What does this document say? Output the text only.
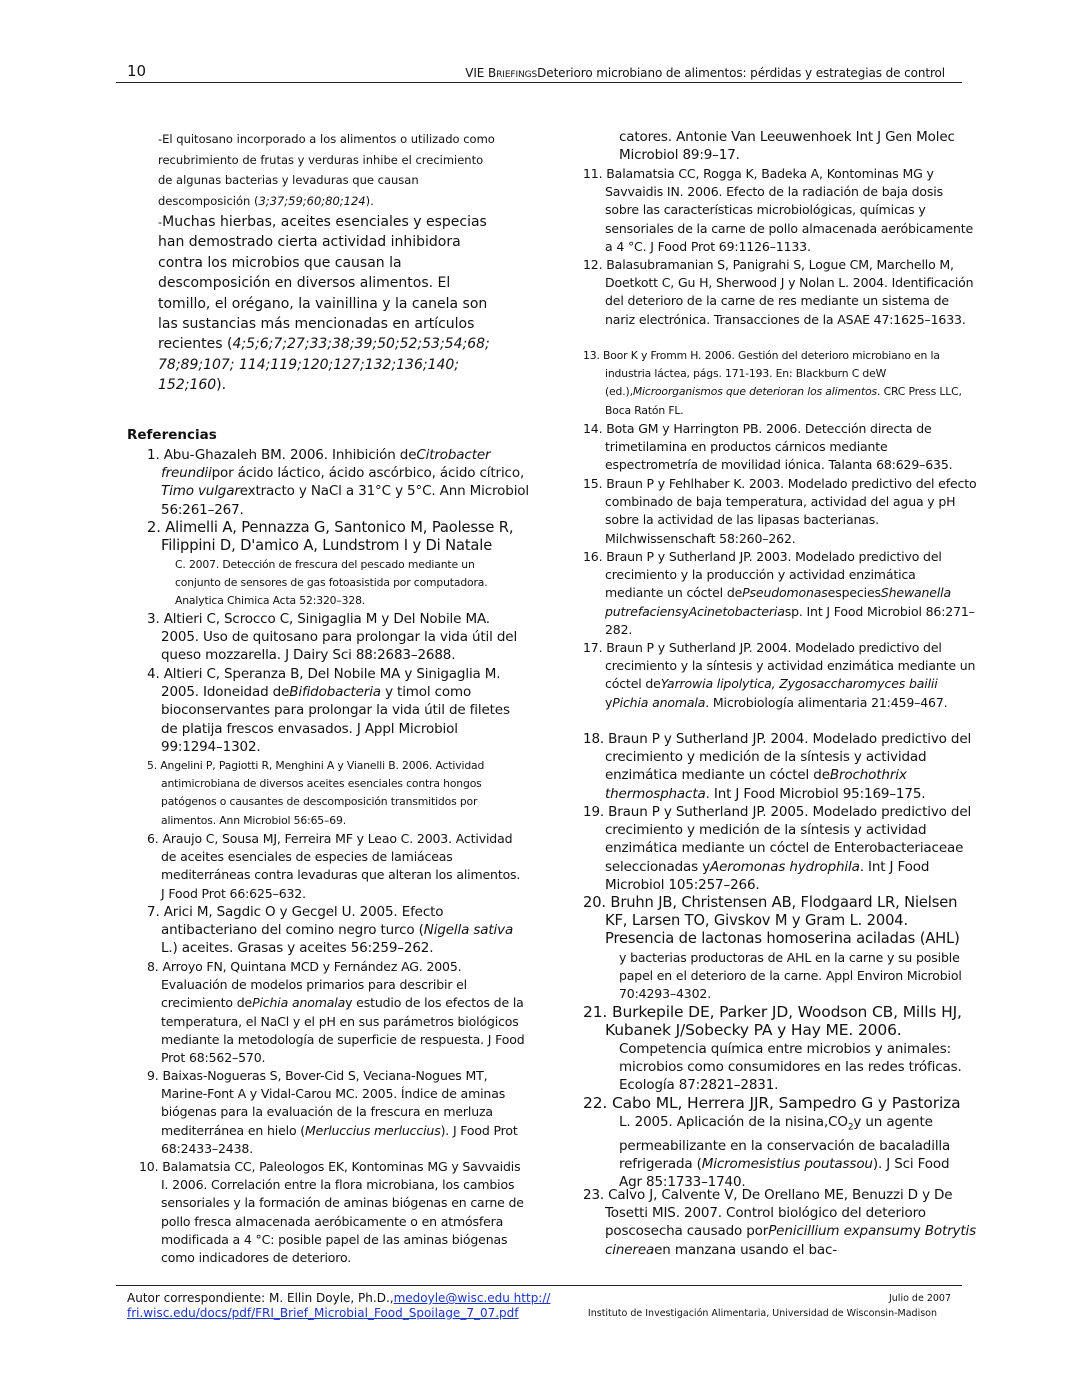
10	VIE BRIEFINGSDeterioro microbiano de alimentos: pérdidas y estrategias de control
-El quitosano incorporado a los alimentos o utilizado como recubrimiento de frutas y verduras inhibe el crecimiento de algunas bacterias y levaduras que causan descomposición (3;37;59;60;80;124).
-Muchas hierbas, aceites esenciales y especias han demostrado cierta actividad inhibidora contra los microbios que causan la descomposición en diversos alimentos. El tomillo, el orégano, la vainillina y la canela son las sustancias más mencionadas en artículos recientes (4;5;6;7;27;33;38;39;50;52;53;54;68; 78;89;107; 114;119;120;127;132;136;140; 152;160).
Referencias
1. Abu-Ghazaleh BM. 2006. Inhibición deCitrobacter freundiipor ácido láctico, ácido ascórbico, ácido cítrico, Timo vulgarextracto y NaCl a 31°C y 5°C. Ann Microbiol 56:261–267.
2. Alimelli A, Pennazza G, Santonico M, Paolesse R, Filippini D, D'amico A, Lundstrom I y Di Natale
C. 2007. Detección de frescura del pescado mediante un conjunto de sensores de gas fotoasistida por computadora. Analytica Chimica Acta 52:320–328.
3. Altieri C, Scrocco C, Sinigaglia M y Del Nobile MA. 2005. Uso de quitosano para prolongar la vida útil del queso mozzarella. J Dairy Sci 88:2683–2688.
4. Altieri C, Speranza B, Del Nobile MA y Sinigaglia M. 2005. Idoneidad deBifidobacteria y timol como bioconservantes para prolongar la vida útil de filetes de platija frescos envasados. J Appl Microbiol 99:1294–1302.
5. Angelini P, Pagiotti R, Menghini A y Vianelli B. 2006. Actividad antimicrobiana de diversos aceites esenciales contra hongos patógenos o causantes de descomposición transmitidos por alimentos. Ann Microbiol 56:65–69.
6. Araujo C, Sousa MJ, Ferreira MF y Leao C. 2003. Actividad de aceites esenciales de especies de lamiáceas mediterráneas contra levaduras que alteran los alimentos. J Food Prot 66:625–632.
7. Arici M, Sagdic O y Gecgel U. 2005. Efecto antibacteriano del comino negro turco (Nigella sativa L.) aceites. Grasas y aceites 56:259–262.
8. Arroyo FN, Quintana MCD y Fernández AG. 2005. Evaluación de modelos primarios para describir el crecimiento dePichia anomalay estudio de los efectos de la temperatura, el NaCl y el pH en sus parámetros biológicos mediante la metodología de superficie de respuesta. J Food Prot 68:562–570.
9. Baixas-Nogueras S, Bover-Cid S, Veciana-Nogues MT, Marine-Font A y Vidal-Carou MC. 2005. Índice de aminas biógenas para la evaluación de la frescura en merluza mediterránea en hielo (Merluccius merluccius). J Food Prot 68:2433–2438.
10. Balamatsia CC, Paleologos EK, Kontominas MG y Savvaidis I. 2006. Correlación entre la flora microbiana, los cambios sensoriales y la formación de aminas biógenas en carne de pollo fresca almacenada aeróbicamente o en atmósfera modificada a 4 °C: posible papel de las aminas biógenas como indicadores de deterioro.
catores. Antonie Van Leeuwenhoek Int J Gen Molec Microbiol 89:9–17.
11. Balamatsia CC, Rogga K, Badeka A, Kontominas MG y Savvaidis IN. 2006. Efecto de la radiación de baja dosis sobre las características microbiológicas, químicas y sensoriales de la carne de pollo almacenada aeróbicamente a 4 °C. J Food Prot 69:1126–1133.
12. Balasubramanian S, Panigrahi S, Logue CM, Marchello M, Doetkott C, Gu H, Sherwood J y Nolan L. 2004. Identificación del deterioro de la carne de res mediante un sistema de nariz electrónica. Transacciones de la ASAE 47:1625–1633.
13. Boor K y Fromm H. 2006. Gestión del deterioro microbiano en la industria láctea, págs. 171-193. En: Blackburn C deW (ed.),Microorganismos que deterioran los alimentos. CRC Press LLC, Boca Ratón FL.
14. Bota GM y Harrington PB. 2006. Detección directa de trimetilamina en productos cárnicos mediante espectrometría de movilidad iónica. Talanta 68:629–635.
15. Braun P y Fehlhaber K. 2003. Modelado predictivo del efecto combinado de baja temperatura, actividad del agua y pH sobre la actividad de las lipasas bacterianas. Milchwissenschaft 58:260–262.
16. Braun P y Sutherland JP. 2003. Modelado predictivo del crecimiento y la producción y actividad enzimática mediante un cóctel dePseudomonasespeciesShewanella putrefaciensyAcinetobacteriasp. Int J Food Microbiol 86:271–282.
17. Braun P y Sutherland JP. 2004. Modelado predictivo del crecimiento y la síntesis y actividad enzimática mediante un cóctel deYarrowia lipolytica, Zygosaccharomyces bailii yPichia anomala. Microbiología alimentaria 21:459–467.
18. Braun P y Sutherland JP. 2004. Modelado predictivo del crecimiento y medición de la síntesis y actividad enzimática mediante un cóctel deBrochothrix thermosphacta. Int J Food Microbiol 95:169–175.
19. Braun P y Sutherland JP. 2005. Modelado predictivo del crecimiento y medición de la síntesis y actividad enzimática mediante un cóctel de Enterobacteriaceae seleccionadas yAeromonas hydrophila. Int J Food Microbiol 105:257–266.
20. Bruhn JB, Christensen AB, Flodgaard LR, Nielsen KF, Larsen TO, Givskov M y Gram L. 2004. Presencia de lactonas homoserina aciladas (AHL)
y bacterias productoras de AHL en la carne y su posible papel en el deterioro de la carne. Appl Environ Microbiol 70:4293–4302.
21. Burkepile DE, Parker JD, Woodson CB, Mills HJ, Kubanek J/Sobecky PA y Hay ME. 2006.
Competencia química entre microbios y animales: microbios como consumidores en las redes tróficas. Ecología 87:2821–2831.
22. Cabo ML, Herrera JJR, Sampedro G y Pastoriza
L. 2005. Aplicación de la $nisina,CO_2y$ un agente permeabilizante en la conservación de bacaladilla refrigerada (Micromesistius poutassou). J Sci Food Agr 85:1733–1740.
23. Calvo J, Calvente V, De Orellano ME, Benuzzi D y De Tosetti MIS. 2007. Control biológico del deterioro poscosecha causado porPenicillium expansumy Botrytis cinereaen manzana usando el bac-
Autor correspondiente: M. Ellin Doyle, Ph.D.,medoyle@wisc.edu http://
fri.wisc.edu/docs/pdf/FRI_Brief_Microbial_Food_Spoilage_7_07.pdf
Julio de 2007
Instituto de Investigación Alimentaria, Universidad de Wisconsin-Madison
